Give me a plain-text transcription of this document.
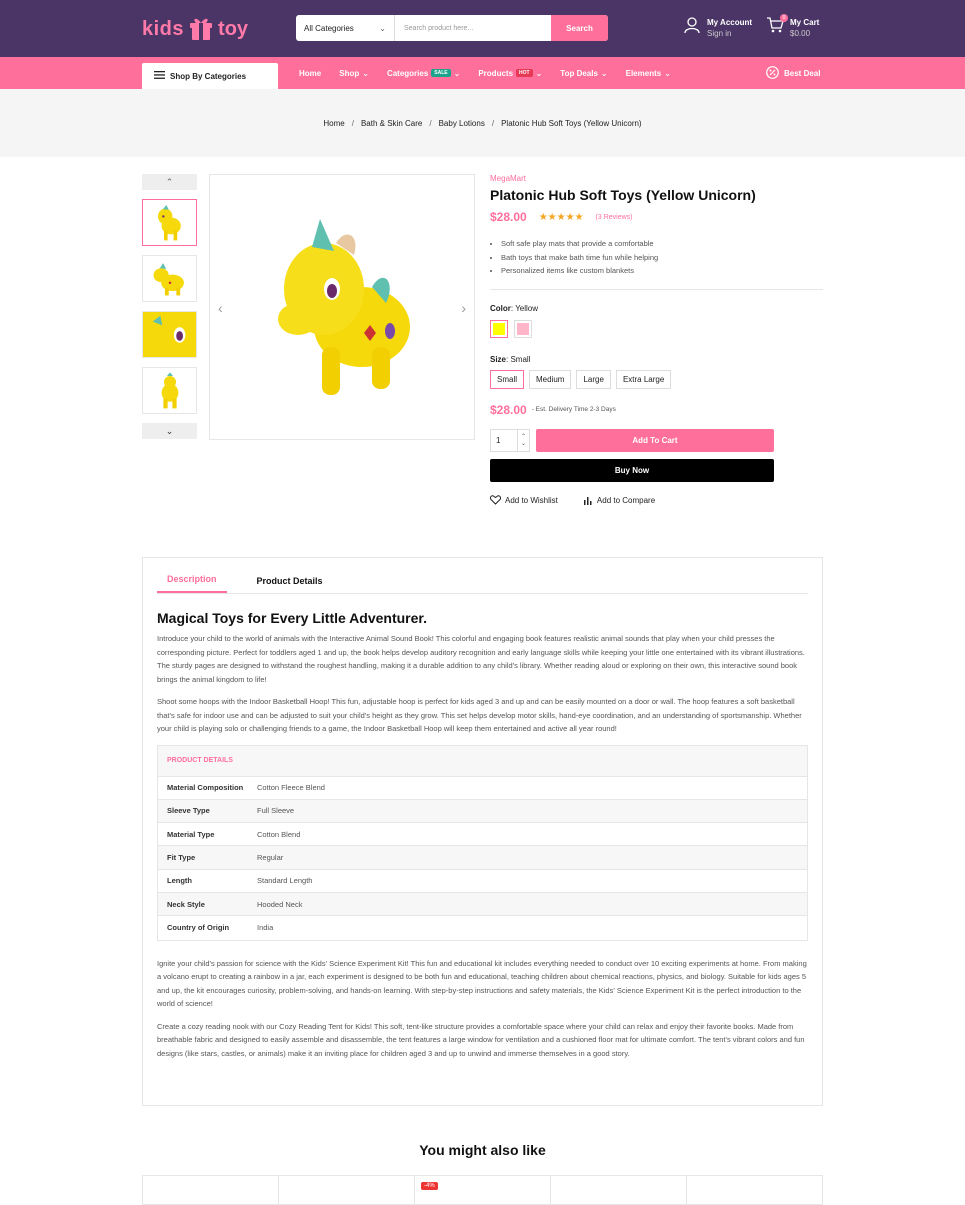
kids toy	All Categories	⌄	Search product here...	Search
My Account
Sign in
0 My Cart
$0.00
Shop By Categories	Home Shop ⌄ Categories	SALE ⌄ Products	HOT ⌄ Top Deals ⌄ Elements ⌄	Best Deal
Home / Bath & Skin Care / Baby Lotions / Platonic Hub Soft Toys (Yellow Unicorn)
⌃
⌄
‹	›
MegaMart
Platonic Hub Soft Toys (Yellow Unicorn)
$28.00 ★★★★★ (3 Reviews)
• Soft safe play mats that provide a comfortable
• Bath toys that make bath time fun while helping
• Personalized items like custom blankets
Color: Yellow
Size: Small
Small	Medium	Large	Extra Large
$28.00 - Est. Delivery Time 2-3 Days
1	⌃
⌄	Add To Cart
Buy Now
Add to Wishlist	Add to Compare
Description	Product Details
Magical Toys for Every Little Adventurer.

Introduce your child to the world of animals with the Interactive Animal Sound Book! This colorful and engaging book features realistic animal sounds that play when your child presses the corresponding picture. Perfect for toddlers aged 1 and up, the book helps develop auditory recognition and early language skills while keeping your little one entertained with its vibrant illustrations. The sturdy pages are designed to withstand the roughest handling, making it a durable addition to any child's library. Whether reading aloud or exploring on their own, this interactive sound book brings the animal kingdom to life!

Shoot some hoops with the Indoor Basketball Hoop! This fun, adjustable hoop is perfect for kids aged 3 and up and can be easily mounted on a door or wall. The hoop features a soft basketball that's safe for indoor use and can be adjusted to suit your child's height as they grow. This set helps develop motor skills, hand-eye coordination, and an understanding of sportsmanship. Whether your child is playing solo or challenging friends to a game, the Indoor Basketball Hoop will keep them entertained and active all year round!

PRODUCT DETAILS
Material Composition	Cotton Fleece Blend
Sleeve Type	Full Sleeve
Material Type	Cotton Blend
Fit Type	Regular
Length	Standard Length
Neck Style	Hooded Neck
Country of Origin	India

Ignite your child's passion for science with the Kids' Science Experiment Kit! This fun and educational kit includes everything needed to conduct over 10 exciting experiments at home. From making a volcano erupt to creating a rainbow in a jar, each experiment is designed to be both fun and educational, teaching children about chemical reactions, physics, and biology. Suitable for kids ages 5 and up, the kit encourages curiosity, problem-solving, and hands-on learning. With step-by-step instructions and safety materials, the Kids' Science Experiment Kit is the perfect introduction to the world of science!

Create a cozy reading nook with our Cozy Reading Tent for Kids! This soft, tent-like structure provides a comfortable space where your child can relax and enjoy their favorite books. Made from breathable fabric and designed to easily assemble and disassemble, the tent features a large window for ventilation and a cushioned floor mat for ultimate comfort. The tent's vibrant colors and fun designs (like stars, castles, or animals) make it an inviting place for children aged 3 and up to unwind and immerse themselves in a good story.

You might also like
-4%
